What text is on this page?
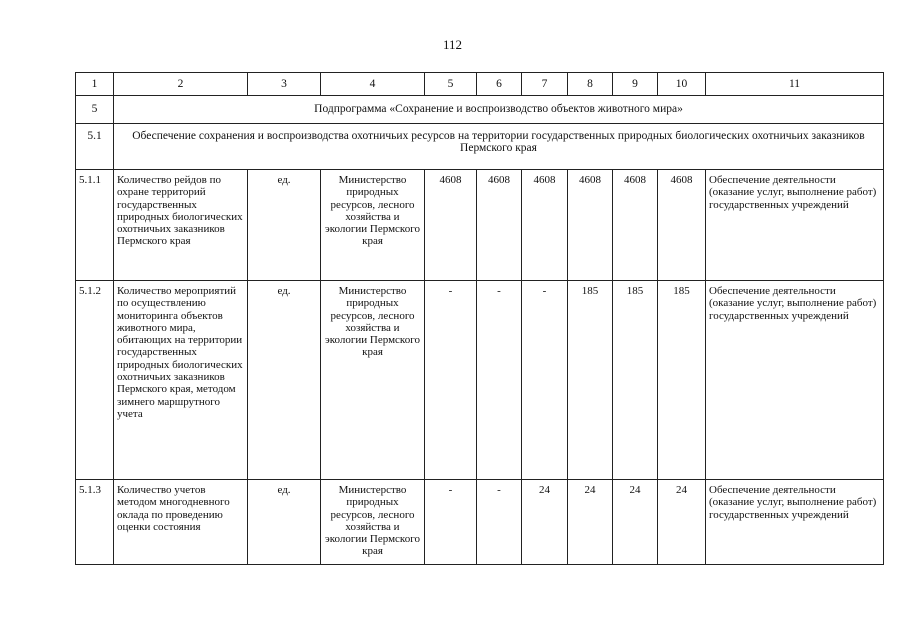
112
1	2	3	4	5	6	7	8	9	10	11
5	Подпрограмма «Сохранение и воспроизводство объектов животного мира»									
5.1	Обеспечение сохранения и воспроизводства охотничьих ресурсов на территории государственных природных биологических охотничьих заказников Пермского края									
5.1.1	Количество рейдов по охране территорий государственных природных биологических охотничьих заказников Пермского края	ед.	Министерство природных ресурсов, лесного хозяйства и экологии Пермского края	4608	4608	4608	4608	4608	4608	Обеспечение деятельности (оказание услуг, выполнение работ) государственных учреждений
5.1.2	Количество мероприятий по осуществлению мониторинга объектов животного мира, обитающих на территории государственных природных биологических охотничьих заказников Пермского края, методом зимнего маршрутного учета	ед.	Министерство природных ресурсов, лесного хозяйства и экологии Пермского края	-	-	-	185	185	185	Обеспечение деятельности (оказание услуг, выполнение работ) государственных учреждений
5.1.3	Количество учетов методом многодневного оклада по проведению оценки состояния	ед.	Министерство природных ресурсов, лесного хозяйства и экологии Пермского края	-	-	24	24	24	24	Обеспечение деятельности (оказание услуг, выполнение работ) государственных учреждений
